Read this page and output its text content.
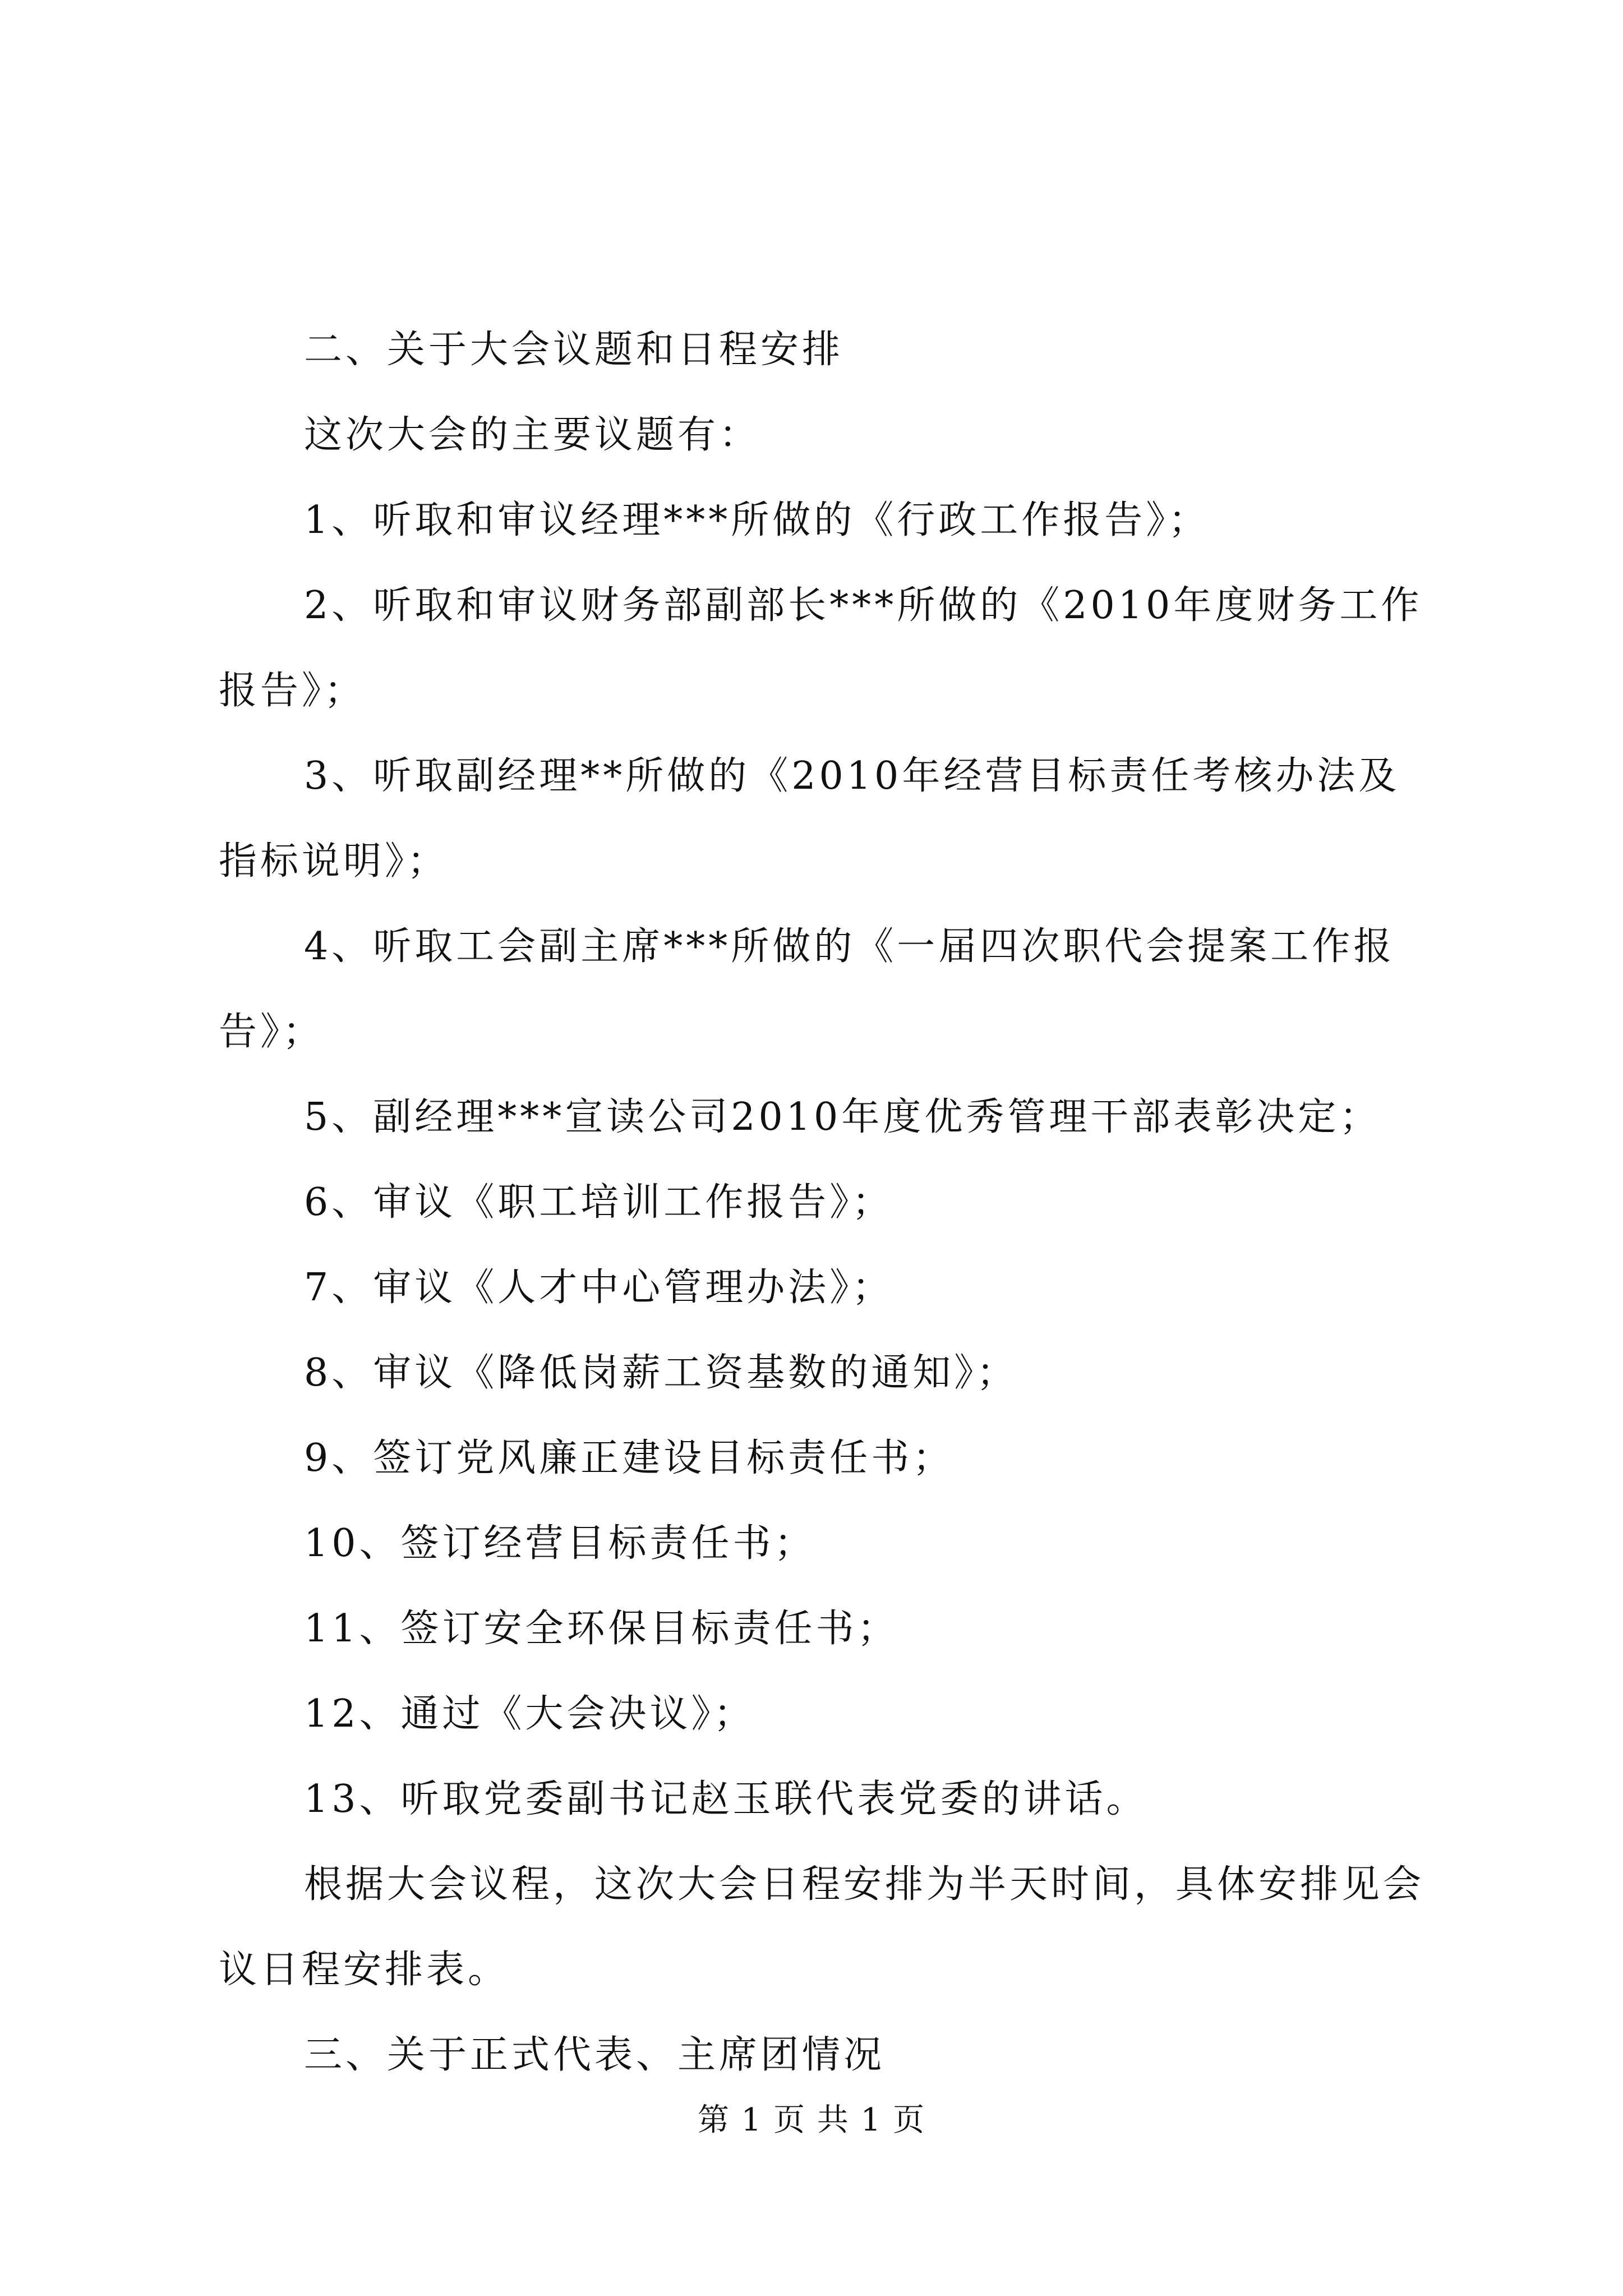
二、关于大会议题和日程安排

这次大会的主要议题有：

1、听取和审议经理***所做的《行政工作报告》；

2、听取和审议财务部副部长***所做的《2010年度财务工作报告》；

3、听取副经理**所做的《2010年经营目标责任考核办法及指标说明》；

4、听取工会副主席***所做的《一届四次职代会提案工作报告》；

5、副经理***宣读公司2010年度优秀管理干部表彰决定；

6、审议《职工培训工作报告》；

7、审议《人才中心管理办法》；

8、审议《降低岗薪工资基数的通知》；

9、签订党风廉正建设目标责任书；

10、签订经营目标责任书；

11、签订安全环保目标责任书；

12、通过《大会决议》；

13、听取党委副书记赵玉联代表党委的讲话。

根据大会议程，这次大会日程安排为半天时间，具体安排见会议日程安排表。

三、关于正式代表、主席团情况

第 1 页 共 1 页
